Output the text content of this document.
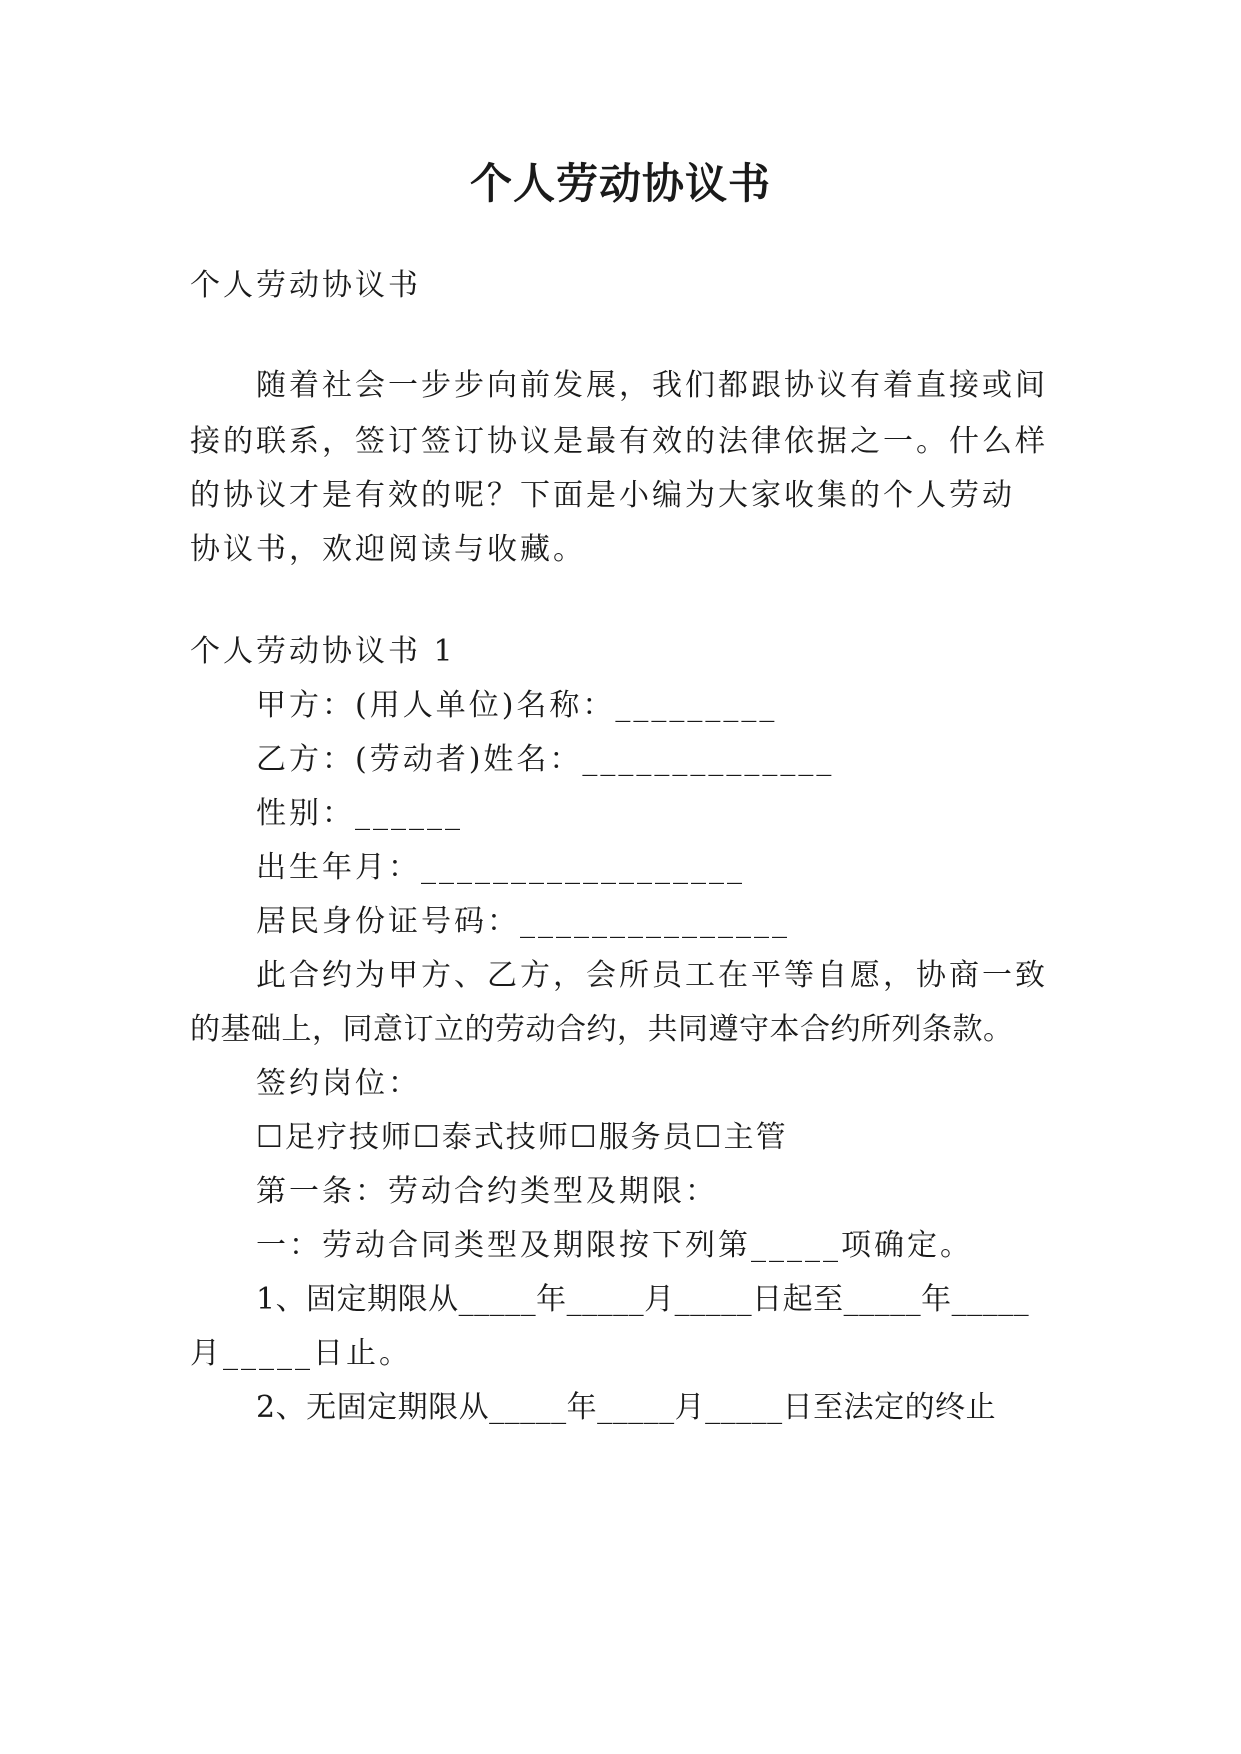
个人劳动协议书
个人劳动协议书
随着社会一步步向前发展，我们都跟协议有着直接或间
接的联系，签订签订协议是最有效的法律依据之一。什么样
的协议才是有效的呢？下面是小编为大家收集的个人劳动
协议书，欢迎阅读与收藏。
个人劳动协议书 1
甲方：(用人单位)名称：_________
乙方：(劳动者)姓名：______________
性别：______
出生年月：__________________
居民身份证号码：_______________
此合约为甲方、乙方，会所员工在平等自愿，协商一致
的基础上，同意订立的劳动合约，共同遵守本合约所列条款。
签约岗位：
☐足疗技师☐泰式技师☐服务员☐主管
第一条：劳动合约类型及期限：
一：劳动合同类型及期限按下列第_____项确定。
1、固定期限从_____年_____月_____日起至_____年_____
月_____日止。
2、无固定期限从_____年_____月_____日至法定的终止
